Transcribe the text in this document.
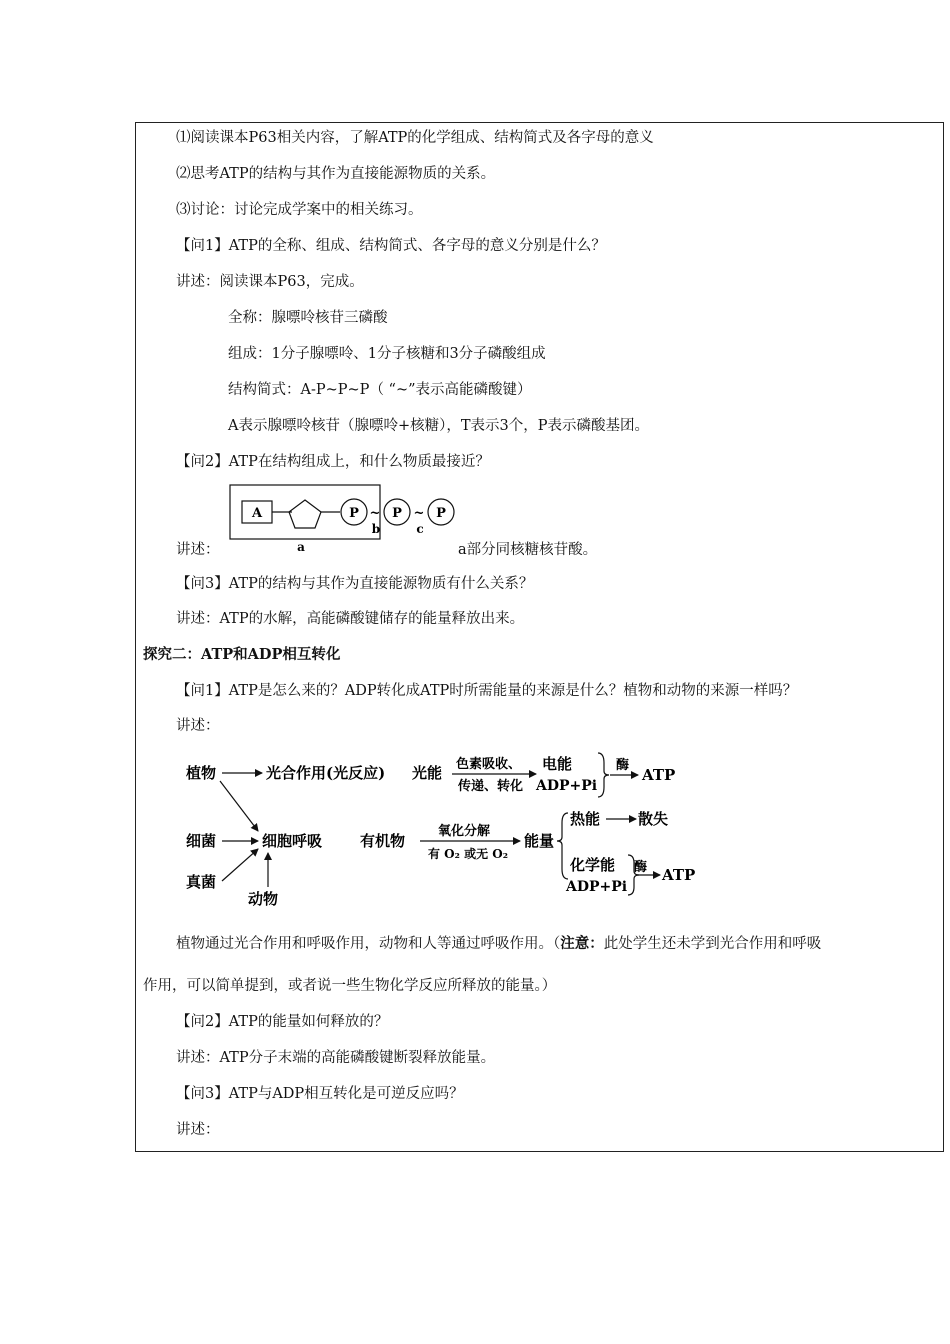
⑴阅读课本P63相关内容，了解ATP的化学组成、结构简式及各字母的意义
⑵思考ATP的结构与其作为直接能源物质的关系。
⑶讨论：讨论完成学案中的相关练习。
【问1】ATP的全称、组成、结构简式、各字母的意义分别是什么？
讲述：阅读课本P63，完成。
全称：腺嘌呤核苷三磷酸
组成：1分子腺嘌呤、1分子核糖和3分子磷酸组成
结构简式：A-P~P~P（ “~”表示高能磷酸键）
A表示腺嘌呤核苷（腺嘌呤+核糖），T表示3个，P表示磷酸基团。
【问2】ATP在结构组成上，和什么物质最接近？
A	P ~
b
P ~
c
P
a
讲述：	a部分同核糖核苷酸。
【问3】ATP的结构与其作为直接能源物质有什么关系？
讲述：ATP的水解，高能磷酸键储存的能量释放出来。
探究二：ATP和ADP相互转化
【问1】ATP是怎么来的？ADP转化成ATP时所需能量的来源是什么？植物和动物的来源一样吗？
讲述：
植物	光合作用(光反应) 光能 色素吸收、
传递、转化
电能
ADP+Pi
酶
ATP
细菌	细胞呼吸
真菌
动物
有机物
氧化分解
有 O₂ 或无 O₂
能量
热能	散失
化学能
ADP+Pi
酶 ATP
植物通过光合作用和呼吸作用，动物和人等通过呼吸作用。（注意：此处学生还未学到光合作用和呼吸
作用，可以简单提到，或者说一些生物化学反应所释放的能量。）
【问2】ATP的能量如何释放的？
讲述：ATP分子末端的高能磷酸键断裂释放能量。
【问3】ATP与ADP相互转化是可逆反应吗？
讲述：
